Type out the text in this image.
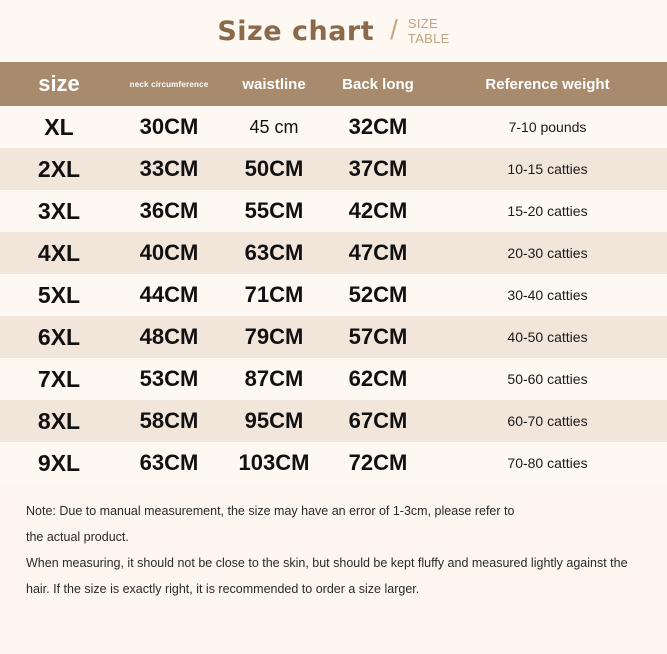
Size chart / SIZE
TABLE
size	neck circumference	waistline	Back long	Reference weight
XL	30CM	45 cm	32CM	7-10 pounds
2XL	33CM	50CM	37CM	10-15 catties
3XL	36CM	55CM	42CM	15-20 catties
4XL	40CM	63CM	47CM	20-30 catties
5XL	44CM	71CM	52CM	30-40 catties
6XL	48CM	79CM	57CM	40-50 catties
7XL	53CM	87CM	62CM	50-60 catties
8XL	58CM	95CM	67CM	60-70 catties
9XL	63CM	103CM	72CM	70-80 catties

Note: Due to manual measurement, the size may have an error of 1-3cm, please refer to

the actual product.

When measuring, it should not be close to the skin, but should be kept fluffy and measured lightly against the

hair. If the size is exactly right, it is recommended to order a size larger.
